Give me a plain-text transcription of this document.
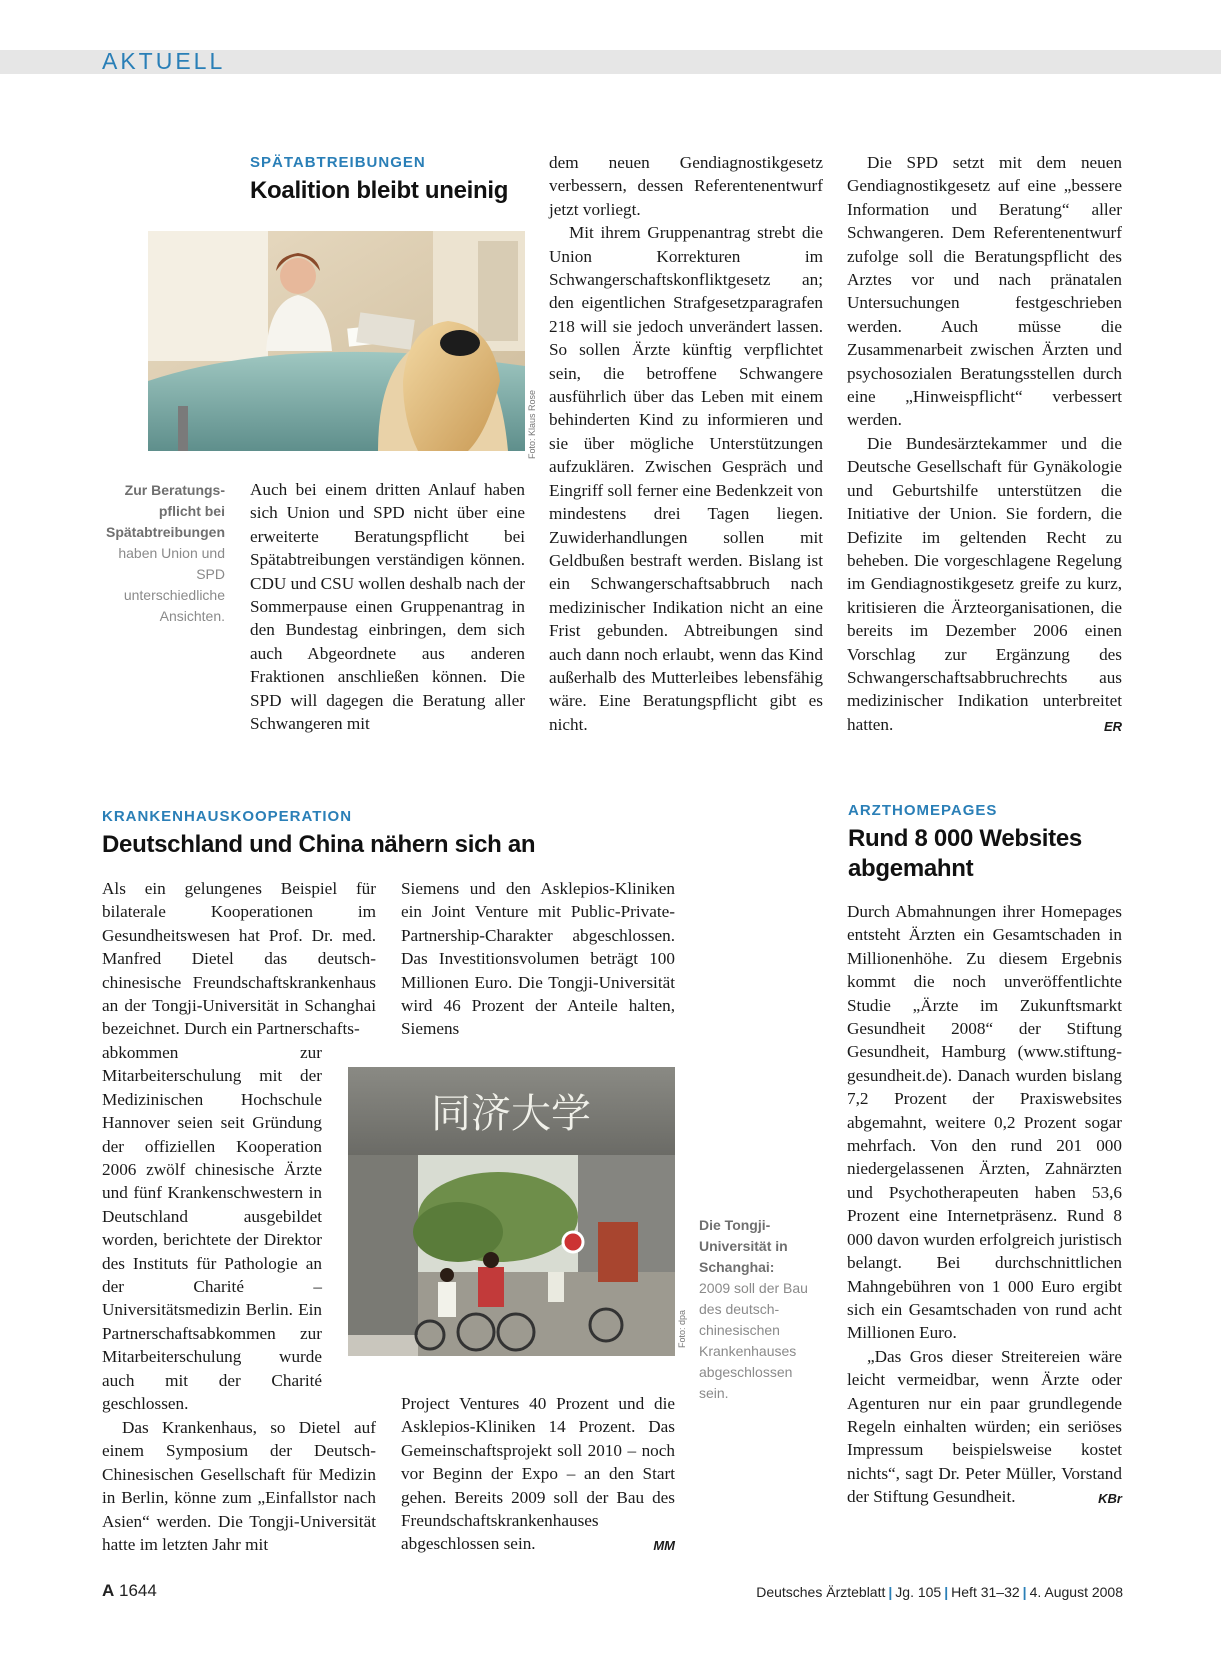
AKTUELL
SPÄTABTREIBUNGEN
Koalition bleibt uneinig
Foto: Klaus Rose
Zur Beratungs-pflicht bei Spätabtreibungen haben Union und SPD unterschiedliche Ansichten.

Auch bei einem dritten Anlauf haben sich Union und SPD nicht über eine erweiterte Beratungspflicht bei Spätabtreibungen verständigen können. CDU und CSU wollen deshalb nach der Sommerpause einen Gruppenantrag in den Bundestag einbringen, dem sich auch Abgeordnete aus anderen Fraktionen anschließen können. Die SPD will dagegen die Beratung aller Schwangeren mit

dem neuen Gendiagnostikgesetz verbessern, dessen Referentenentwurf jetzt vorliegt.

Mit ihrem Gruppenantrag strebt die Union Korrekturen im Schwangerschaftskonfliktgesetz an; den eigentlichen Strafgesetzparagrafen 218 will sie jedoch unverändert lassen. So sollen Ärzte künftig verpflichtet sein, die betroffene Schwangere ausführlich über das Leben mit einem behinderten Kind zu informieren und sie über mögliche Unterstützungen aufzuklären. Zwischen Gespräch und Eingriff soll ferner eine Bedenkzeit von mindestens drei Tagen liegen. Zuwiderhandlungen sollen mit Geldbußen bestraft werden. Bislang ist ein Schwangerschaftsabbruch nach medizinischer Indikation nicht an eine Frist gebunden. Abtreibungen sind auch dann noch erlaubt, wenn das Kind außerhalb des Mutterleibes lebensfähig wäre. Eine Beratungspflicht gibt es nicht.

Die SPD setzt mit dem neuen Gendiagnostikgesetz auf eine „bessere Information und Beratung“ aller Schwangeren. Dem Referentenentwurf zufolge soll die Beratungspflicht des Arztes vor und nach pränatalen Untersuchungen festgeschrieben werden. Auch müsse die Zusammenarbeit zwischen Ärzten und psychosozialen Beratungsstellen durch eine „Hinweispflicht“ verbessert werden.

Die Bundesärztekammer und die Deutsche Gesellschaft für Gynäkologie und Geburtshilfe unterstützen die Initiative der Union. Sie fordern, die Defizite im geltenden Recht zu beheben. Die vorgeschlagene Regelung im Gendiagnostikgesetz greife zu kurz, kritisieren die Ärzteorganisationen, die bereits im Dezember 2006 einen Vorschlag zur Ergänzung des Schwangerschaftsabbruchrechts aus medizinischer Indikation unterbreitet hatten.	ER

KRANKENHAUSKOOPERATION
Deutschland und China nähern sich an

Als ein gelungenes Beispiel für bilaterale Kooperationen im Gesundheitswesen hat Prof. Dr. med. Manfred Dietel das deutsch-chinesische Freundschaftskrankenhaus an der Tongji-Universität in Schanghai bezeichnet. Durch ein Partnerschafts-

abkommen zur Mitarbeiterschulung mit der Medizinischen Hochschule Hannover seien seit Gründung der offiziellen Kooperation 2006 zwölf chinesische Ärzte und fünf Krankenschwestern in Deutschland ausgebildet worden, berichtete der Direktor des Instituts für Pathologie an der Charité – Universitätsmedizin Berlin. Ein Partnerschaftsabkommen zur Mitarbeiterschulung wurde auch mit der Charité geschlossen.

Das Krankenhaus, so Dietel auf einem Symposium der Deutsch-Chinesischen Gesellschaft für Medizin in Berlin, könne zum „Einfallstor nach Asien“ werden. Die Tongji-Universität hatte im letzten Jahr mit

Siemens und den Asklepios-Kliniken ein Joint Venture mit Public-Private-Partnership-Charakter abgeschlossen. Das Investitionsvolumen beträgt 100 Millionen Euro. Die Tongji-Universität wird 46 Prozent der Anteile halten, Siemens

同济大学
Foto: dpa
Die Tongji-Universität in Schanghai: 2009 soll der Bau des deutsch-chinesischen Krankenhauses abgeschlossen sein.

Project Ventures 40 Prozent und die Asklepios-Kliniken 14 Prozent. Das Gemeinschaftsprojekt soll 2010 – noch vor Beginn der Expo – an den Start gehen. Bereits 2009 soll der Bau des Freundschaftskrankenhauses abgeschlossen sein.	MM

ARZTHOMEPAGES
Rund 8 000 Websites abgemahnt

Durch Abmahnungen ihrer Homepages entsteht Ärzten ein Gesamtschaden in Millionenhöhe. Zu diesem Ergebnis kommt die noch unveröffentlichte Studie „Ärzte im Zukunftsmarkt Gesundheit 2008“ der Stiftung Gesundheit, Hamburg (www.stiftung-gesundheit.de). Danach wurden bislang 7,2 Prozent der Praxiswebsites abgemahnt, weitere 0,2 Prozent sogar mehrfach. Von den rund 201 000 niedergelassenen Ärzten, Zahnärzten und Psychotherapeuten haben 53,6 Prozent eine Internetpräsenz. Rund 8 000 davon wurden erfolgreich juristisch belangt. Bei durchschnittlichen Mahngebühren von 1 000 Euro ergibt sich ein Gesamtschaden von rund acht Millionen Euro.

„Das Gros dieser Streitereien wäre leicht vermeidbar, wenn Ärzte oder Agenturen nur ein paar grundlegende Regeln einhalten würden; ein seriöses Impressum beispielsweise kostet nichts“, sagt Dr. Peter Müller, Vorstand der Stiftung Gesundheit.	KBr

A 1644	Deutsches Ärzteblatt | Jg. 105 | Heft 31–32 | 4. August 2008
